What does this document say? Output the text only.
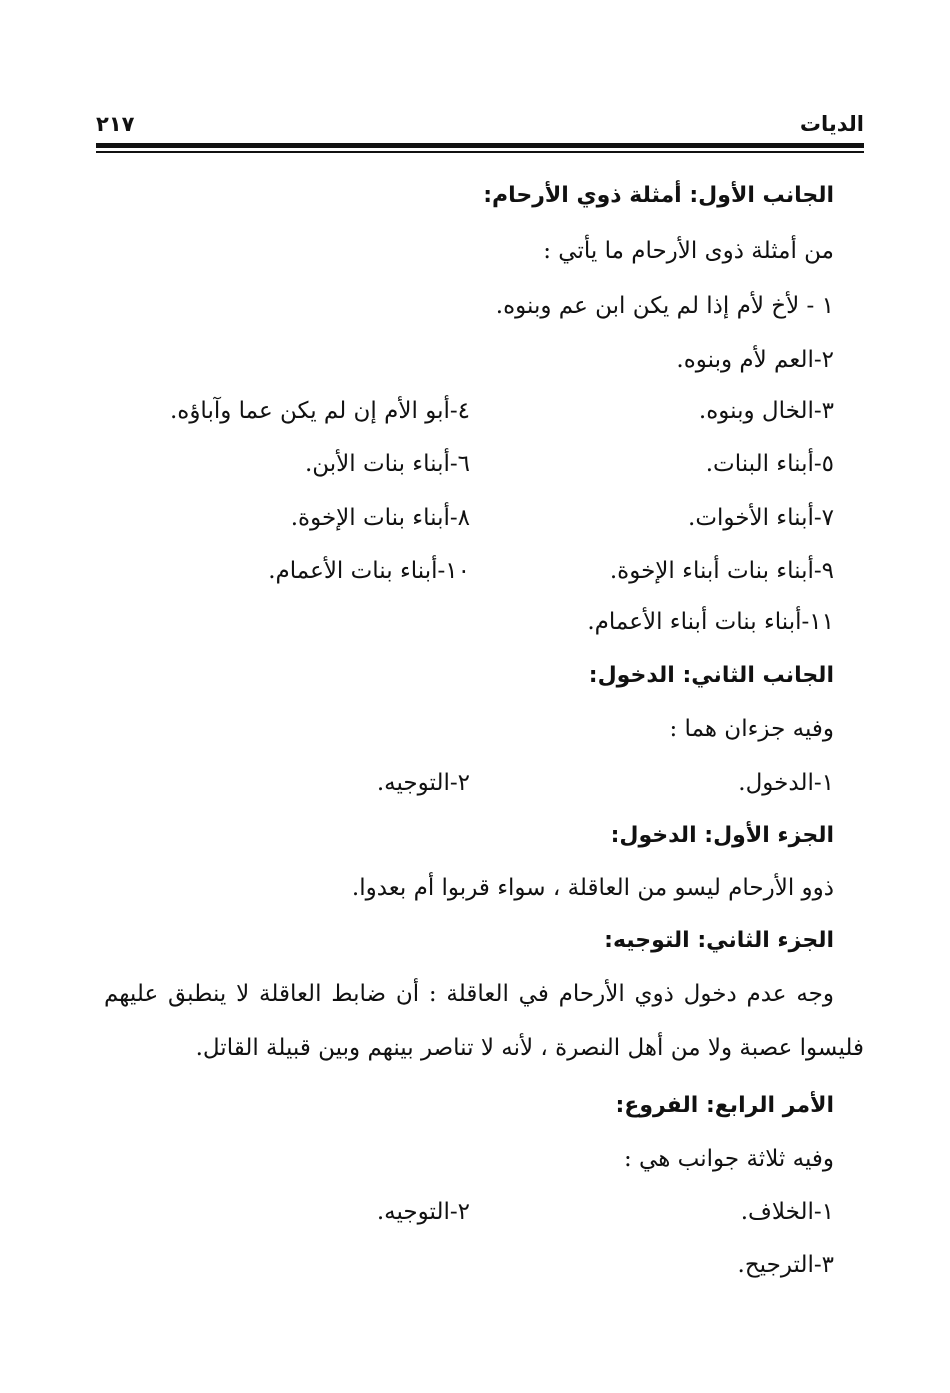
الديات
٢١٧
الجانب الأول: أمثلة ذوي الأرحام:
من أمثلة ذوى الأرحام ما يأتي :
١ - لأخ لأم إذا لم يكن ابن عم وبنوه.
٢-العم لأم وبنوه.
٣-الخال وبنوه.
٤-أبو الأم إن لم يكن عما وآباؤه.
٥-أبناء البنات.
٦-أبناء بنات الأبن.
٧-أبناء الأخوات.
٨-أبناء بنات الإخوة.
٩-أبناء بنات أبناء الإخوة.
١٠-أبناء بنات الأعمام.
١١-أبناء بنات أبناء الأعمام.
الجانب الثاني: الدخول:
وفيه جزءان هما :
١-الدخول.
٢-التوجيه.
الجزء الأول: الدخول:
ذوو الأرحام ليسو من العاقلة ، سواء قربوا أم بعدوا.
الجزء الثاني: التوجيه:
وجه عدم دخول ذوي الأرحام في العاقلة : أن ضابط العاقلة لا ينطبق عليهم
فليسوا عصبة ولا من أهل النصرة ، لأنه لا تناصر بينهم وبين قبيلة القاتل.
الأمر الرابع: الفروع:
وفيه ثلاثة جوانب هي :
١-الخلاف.
٢-التوجيه.
٣-الترجيح.
